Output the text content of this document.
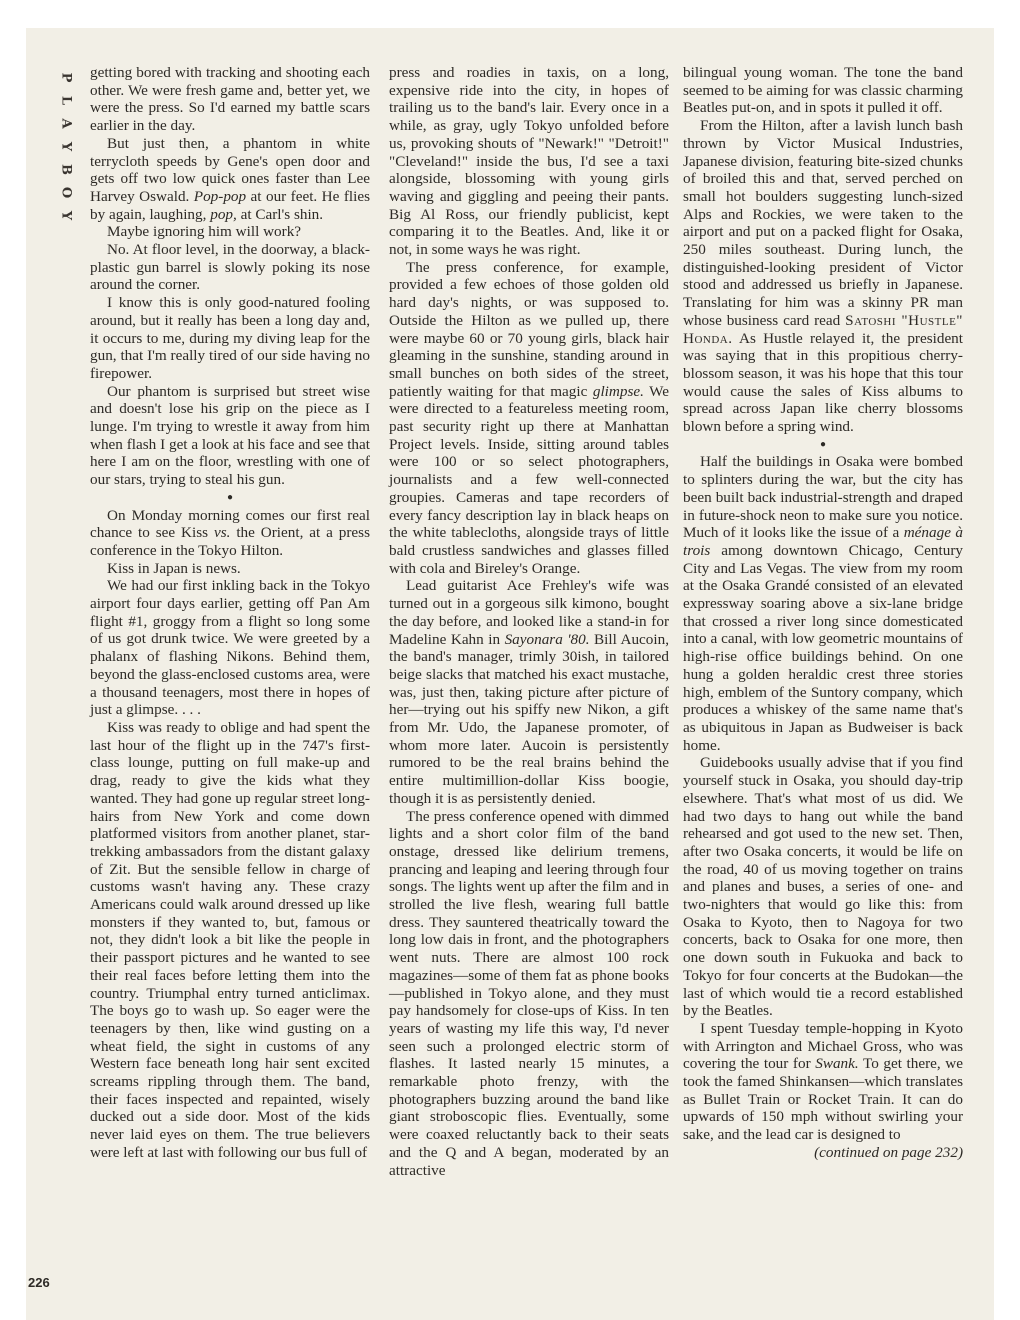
P
L
A
Y
B
O
Y

getting bored with tracking and shooting each other. We were fresh game and, better yet, we were the press. So I'd earned my battle scars earlier in the day.

But just then, a phantom in white terrycloth speeds by Gene's open door and gets off two low quick ones faster than Lee Harvey Oswald. Pop-pop at our feet. He flies by again, laughing, pop, at Carl's shin.

Maybe ignoring him will work?

No. At floor level, in the doorway, a black-plastic gun barrel is slowly poking its nose around the corner.

I know this is only good-natured fooling around, but it really has been a long day and, it occurs to me, during my diving leap for the gun, that I'm really tired of our side having no firepower.

Our phantom is surprised but street wise and doesn't lose his grip on the piece as I lunge. I'm trying to wrestle it away from him when flash I get a look at his face and see that here I am on the floor, wrestling with one of our stars, trying to steal his gun.

●

On Monday morning comes our first real chance to see Kiss vs. the Orient, at a press conference in the Tokyo Hilton.

Kiss in Japan is news.

We had our first inkling back in the Tokyo airport four days earlier, getting off Pan Am flight #1, groggy from a flight so long some of us got drunk twice. We were greeted by a phalanx of flashing Nikons. Behind them, beyond the glass-enclosed customs area, were a thousand teenagers, most there in hopes of just a glimpse. . . .

Kiss was ready to oblige and had spent the last hour of the flight up in the 747's first-class lounge, putting on full make-up and drag, ready to give the kids what they wanted. They had gone up regular street long-hairs from New York and come down platformed visitors from another planet, star-trekking ambassadors from the distant galaxy of Zit. But the sensible fellow in charge of customs wasn't having any. These crazy Americans could walk around dressed up like monsters if they wanted to, but, famous or not, they didn't look a bit like the people in their passport pictures and he wanted to see their real faces before letting them into the country. Triumphal entry turned anticlimax. The boys go to wash up. So eager were the teenagers by then, like wind gusting on a wheat field, the sight in customs of any Western face beneath long hair sent excited screams rippling through them. The band, their faces inspected and repainted, wisely ducked out a side door. Most of the kids never laid eyes on them. The true believers were left at last with following our bus full of

press and roadies in taxis, on a long, expensive ride into the city, in hopes of trailing us to the band's lair. Every once in a while, as gray, ugly Tokyo unfolded before us, provoking shouts of "Newark!" "Detroit!" "Cleveland!" inside the bus, I'd see a taxi alongside, blossoming with young girls waving and giggling and peeing their pants. Big Al Ross, our friendly publicist, kept comparing it to the Beatles. And, like it or not, in some ways he was right.

The press conference, for example, provided a few echoes of those golden old hard day's nights, or was supposed to. Outside the Hilton as we pulled up, there were maybe 60 or 70 young girls, black hair gleaming in the sunshine, standing around in small bunches on both sides of the street, patiently waiting for that magic glimpse. We were directed to a featureless meeting room, past security right up there at Manhattan Project levels. Inside, sitting around tables were 100 or so select photographers, journalists and a few well-connected groupies. Cameras and tape recorders of every fancy description lay in black heaps on the white tablecloths, alongside trays of little bald crustless sandwiches and glasses filled with cola and Bireley's Orange.

Lead guitarist Ace Frehley's wife was turned out in a gorgeous silk kimono, bought the day before, and looked like a stand-in for Madeline Kahn in Sayonara '80. Bill Aucoin, the band's manager, trimly 30ish, in tailored beige slacks that matched his exact mustache, was, just then, taking picture after picture of her—trying out his spiffy new Nikon, a gift from Mr. Udo, the Japanese promoter, of whom more later. Aucoin is persistently rumored to be the real brains behind the entire multimillion-dollar Kiss boogie, though it is as persistently denied.

The press conference opened with dimmed lights and a short color film of the band onstage, dressed like delirium tremens, prancing and leaping and leering through four songs. The lights went up after the film and in strolled the live flesh, wearing full battle dress. They sauntered theatrically toward the long low dais in front, and the photographers went nuts. There are almost 100 rock magazines—some of them fat as phone books—published in Tokyo alone, and they must pay handsomely for close-ups of Kiss. In ten years of wasting my life this way, I'd never seen such a prolonged electric storm of flashes. It lasted nearly 15 minutes, a remarkable photo frenzy, with the photographers buzzing around the band like giant stroboscopic flies. Eventually, some were coaxed reluctantly back to their seats and the Q and A began, moderated by an attractive

bilingual young woman. The tone the band seemed to be aiming for was classic charming Beatles put-on, and in spots it pulled it off.

From the Hilton, after a lavish lunch bash thrown by Victor Musical Industries, Japanese division, featuring bite-sized chunks of broiled this and that, served perched on small hot boulders suggesting lunch-sized Alps and Rockies, we were taken to the airport and put on a packed flight for Osaka, 250 miles southeast. During lunch, the distinguished-looking president of Victor stood and addressed us briefly in Japanese. Translating for him was a skinny PR man whose business card read Satoshi "Hustle" Honda. As Hustle relayed it, the president was saying that in this propitious cherry-blossom season, it was his hope that this tour would cause the sales of Kiss albums to spread across Japan like cherry blossoms blown before a spring wind.

●

Half the buildings in Osaka were bombed to splinters during the war, but the city has been built back industrial-strength and draped in future-shock neon to make sure you notice. Much of it looks like the issue of a ménage à trois among downtown Chicago, Century City and Las Vegas. The view from my room at the Osaka Grandé consisted of an elevated expressway soaring above a six-lane bridge that crossed a river long since domesticated into a canal, with low geometric mountains of high-rise office buildings behind. On one hung a golden heraldic crest three stories high, emblem of the Suntory company, which produces a whiskey of the same name that's as ubiquitous in Japan as Budweiser is back home.

Guidebooks usually advise that if you find yourself stuck in Osaka, you should day-trip elsewhere. That's what most of us did. We had two days to hang out while the band rehearsed and got used to the new set. Then, after two Osaka concerts, it would be life on the road, 40 of us moving together on trains and planes and buses, a series of one- and two-nighters that would go like this: from Osaka to Kyoto, then to Nagoya for two concerts, back to Osaka for one more, then one down south in Fukuoka and back to Tokyo for four concerts at the Budokan—the last of which would tie a record established by the Beatles.

I spent Tuesday temple-hopping in Kyoto with Arrington and Michael Gross, who was covering the tour for Swank. To get there, we took the famed Shinkansen—which translates as Bullet Train or Rocket Train. It can do upwards of 150 mph without swirling your sake, and the lead car is designed to

(continued on page 232)

226
